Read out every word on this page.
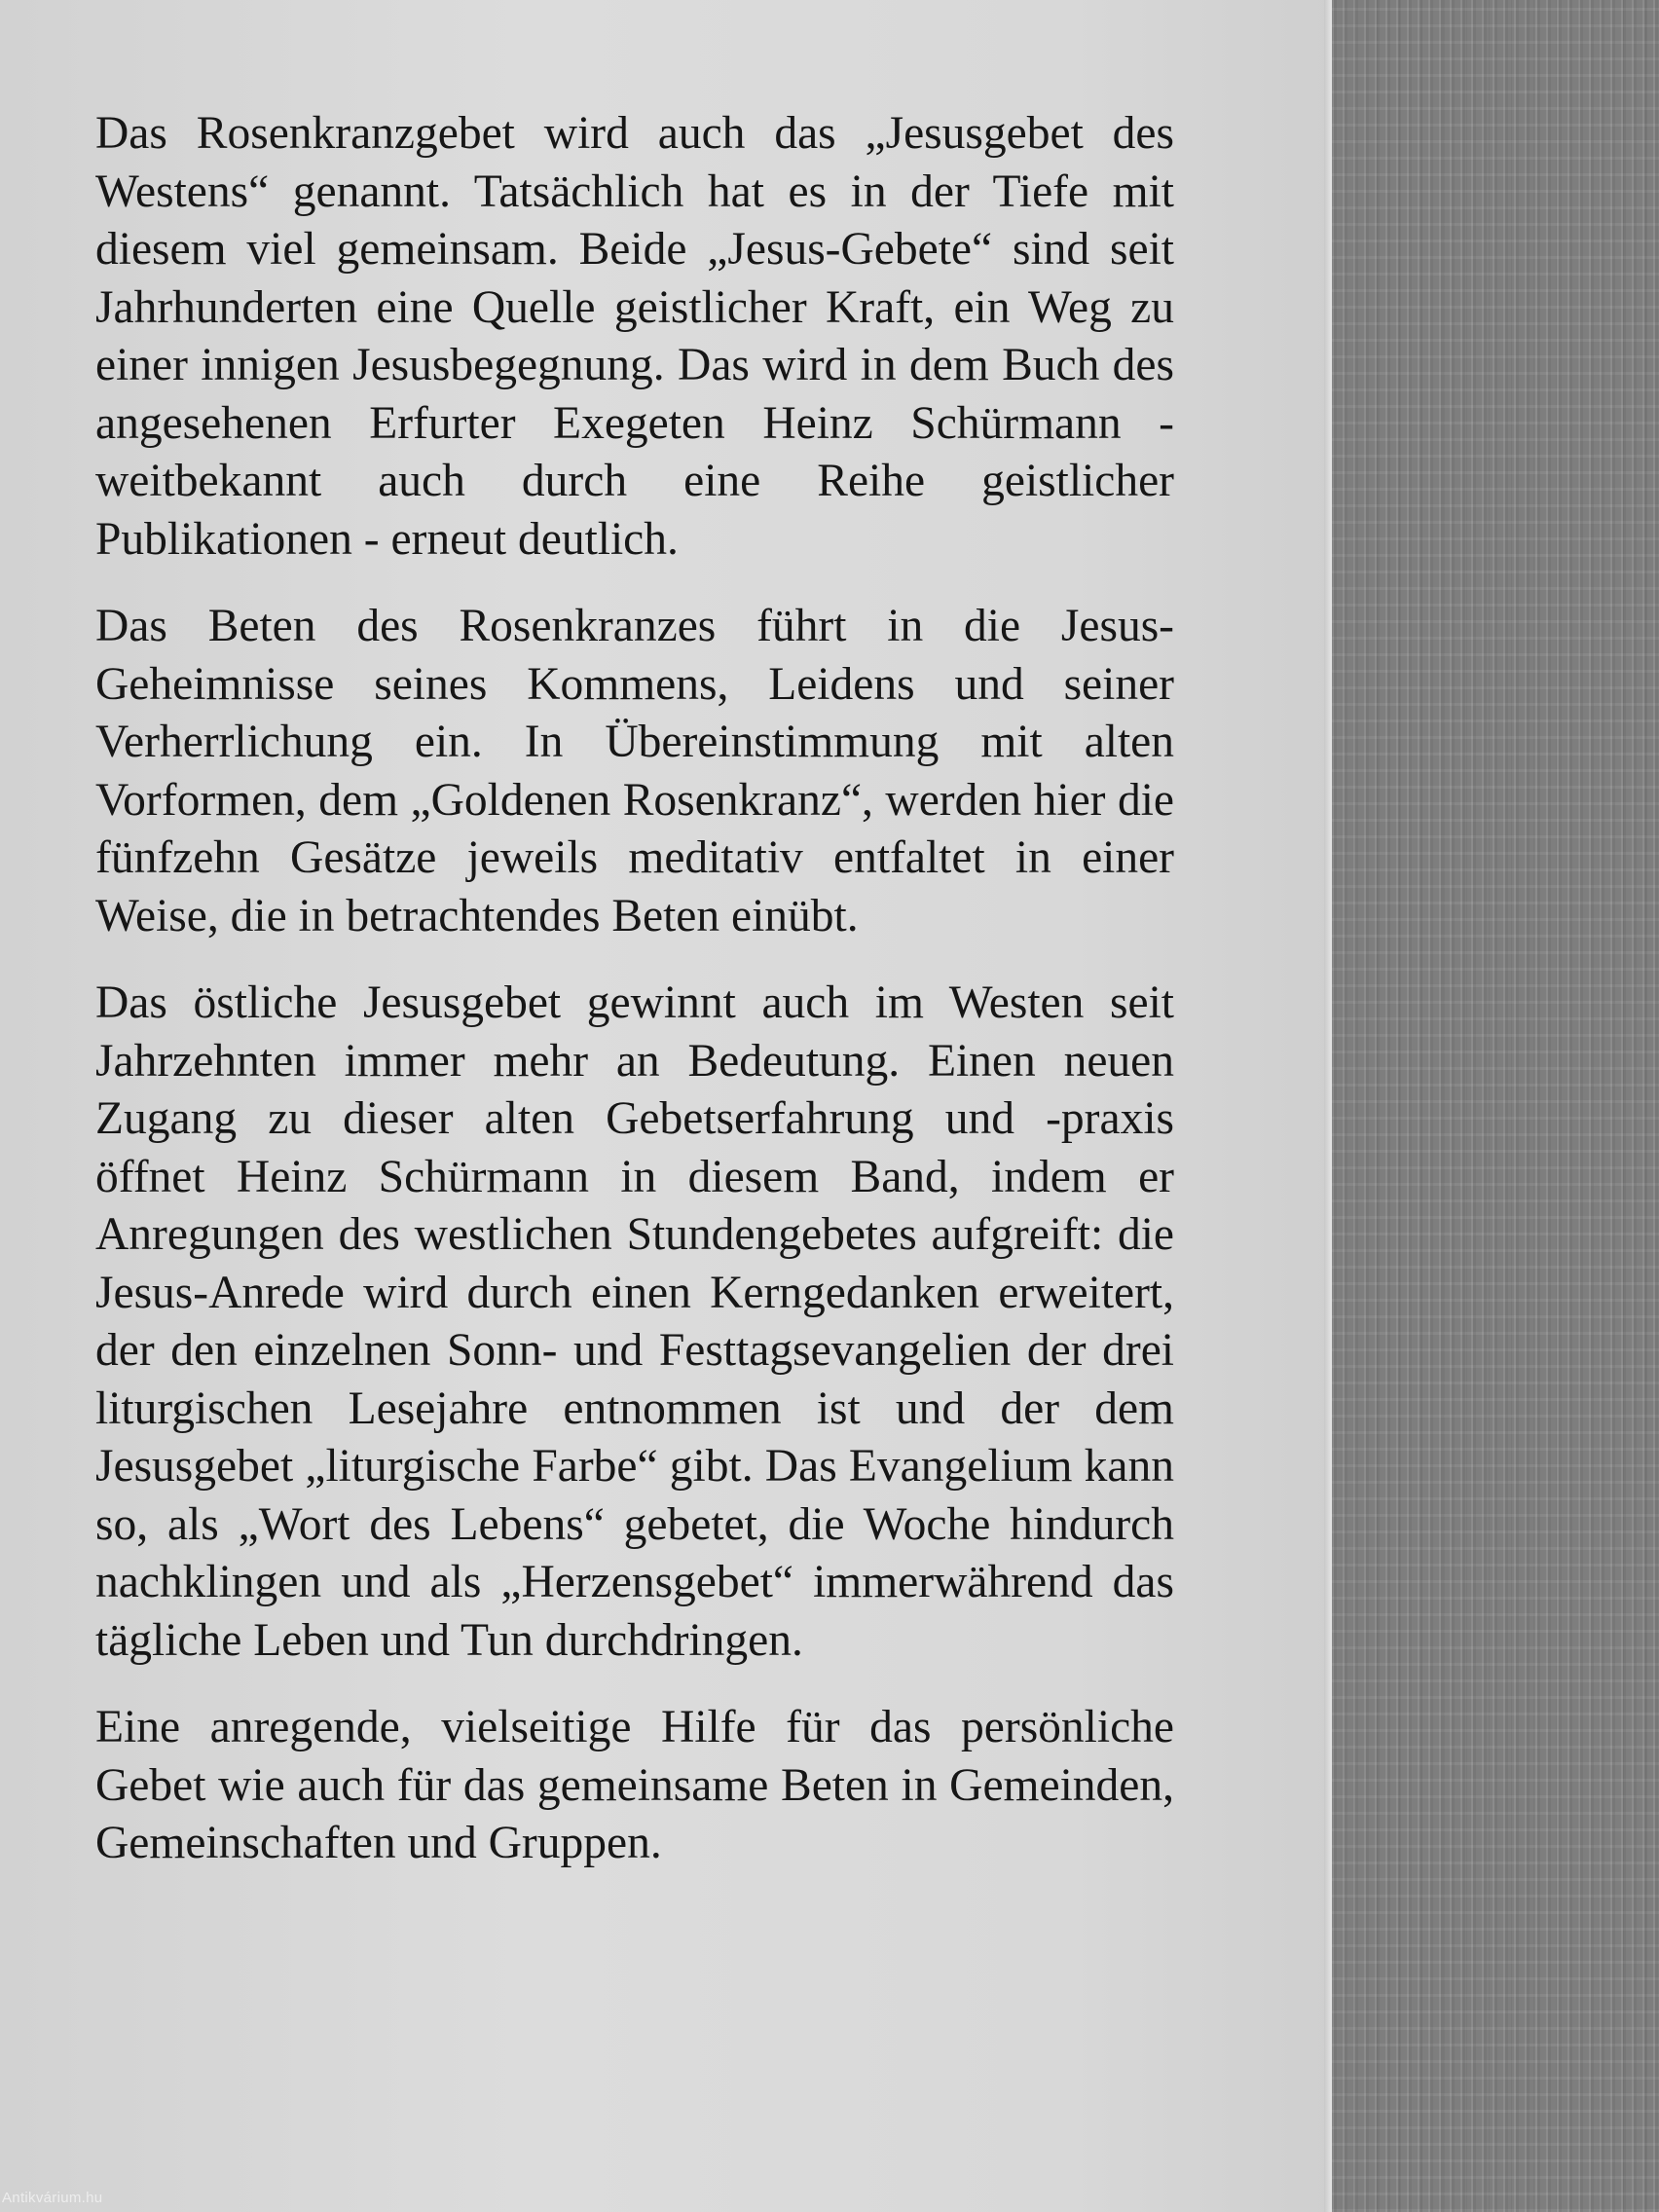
Das Rosenkranzgebet wird auch das „Jesusgebet des Westens“ genannt. Tatsächlich hat es in der Tiefe mit diesem viel gemeinsam. Beide „Jesus-Gebete“ sind seit Jahrhunderten eine Quelle geistlicher Kraft, ein Weg zu einer innigen Jesusbegegnung. Das wird in dem Buch des angesehenen Erfurter Exegeten Heinz Schürmann - weitbekannt auch durch eine Reihe geistlicher Publikationen - erneut deutlich.

Das Beten des Rosenkranzes führt in die Jesus-Geheimnisse seines Kommens, Leidens und seiner Verherrlichung ein. In Übereinstimmung mit alten Vorformen, dem „Goldenen Rosenkranz“, werden hier die fünfzehn Gesätze jeweils meditativ entfaltet in einer Weise, die in betrachtendes Beten einübt.

Das östliche Jesusgebet gewinnt auch im Westen seit Jahrzehnten immer mehr an Bedeutung. Einen neuen Zugang zu dieser alten Gebetserfahrung und -praxis öffnet Heinz Schürmann in diesem Band, indem er Anregungen des westlichen Stundengebetes aufgreift: die Jesus-Anrede wird durch einen Kerngedanken erweitert, der den einzelnen Sonn- und Festtagsevangelien der drei liturgischen Lesejahre entnommen ist und der dem Jesusgebet „liturgische Farbe“ gibt. Das Evangelium kann so, als „Wort des Lebens“ gebetet, die Woche hindurch nachklingen und als „Herzensgebet“ immerwährend das tägliche Leben und Tun durchdringen.

Eine anregende, vielseitige Hilfe für das persönliche Gebet wie auch für das gemeinsame Beten in Gemeinden, Gemeinschaften und Gruppen.

Antikvárium.hu
